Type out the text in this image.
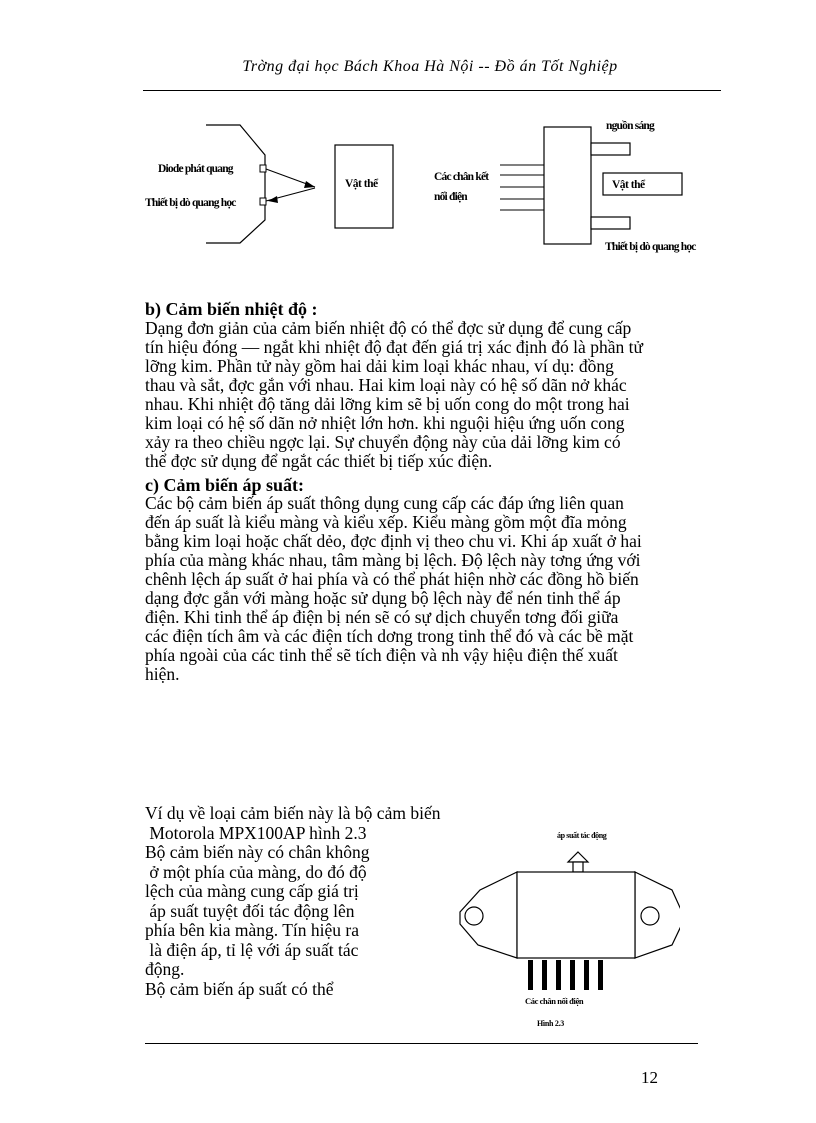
Trờng đại học Bách Khoa Hà Nội -- Đồ án Tốt Nghiệp
Diode phát quang
Thiết bị dò quang học
Vật thể
nguồn sáng
Các chân kết
nối điện
Vật thể
Thiết bị dò quang học
b) Cảm biến nhiệt độ :
Dạng đơn giản của cảm biến nhiệt độ có thể đợc sử dụng để cung cấp
tín hiệu đóng — ngắt khi nhiệt độ đạt đến giá trị xác định đó là phần tử
lỡng kim. Phần tử này gồm hai dải kim loại khác nhau, ví dụ: đồng
thau và sắt, đợc gắn với nhau. Hai kim loại này có hệ số dãn nở khác
nhau. Khi nhiệt độ tăng dải lỡng kim sẽ bị uốn cong do một trong hai
kim loại có hệ số dãn nở nhiệt lớn hơn. khi nguội hiệu ứng uốn cong
xảy ra theo chiều ngợc lại. Sự chuyển động này của dải lỡng kim có
thể đợc sử dụng để ngắt các thiết bị tiếp xúc điện.
c) Cảm biến áp suất:
Các bộ cảm biến áp suất thông dụng cung cấp các đáp ứng liên quan
đến áp suất là kiểu màng và kiểu xếp. Kiểu màng gồm một đĩa mỏng
bằng kim loại hoặc chất dẻo, đợc định vị theo chu vi. Khi áp xuất ở hai
phía của màng khác nhau, tâm màng bị lệch. Độ lệch này tơng ứng với
chênh lệch áp suất ở hai phía và có thể phát hiện nhờ các đồng hồ biến
dạng đợc gắn với màng hoặc sử dụng bộ lệch này để nén tinh thể áp
điện. Khi tinh thể áp điện bị nén sẽ có sự dịch chuyển tơng đối giữa
các điện tích âm và các điện tích dơng trong tinh thể đó và các bề mặt
phía ngoài của các tinh thể sẽ tích điện và nh vậy hiệu điện thế xuất
hiện.
Ví dụ về loại cảm biến này là bộ cảm biến
Motorola MPX100AP hình 2.3
Bộ cảm biến này có chân không
ở một phía của màng, do đó độ
lệch của màng cung cấp giá trị
áp suất tuyệt đối tác động lên
phía bên kia màng. Tín hiệu ra
là điện áp, tỉ lệ với áp suất tác
động.
Bộ cảm biến áp suất có thể
áp suất tác động
Các chân nối điện
Hình 2.3
12
